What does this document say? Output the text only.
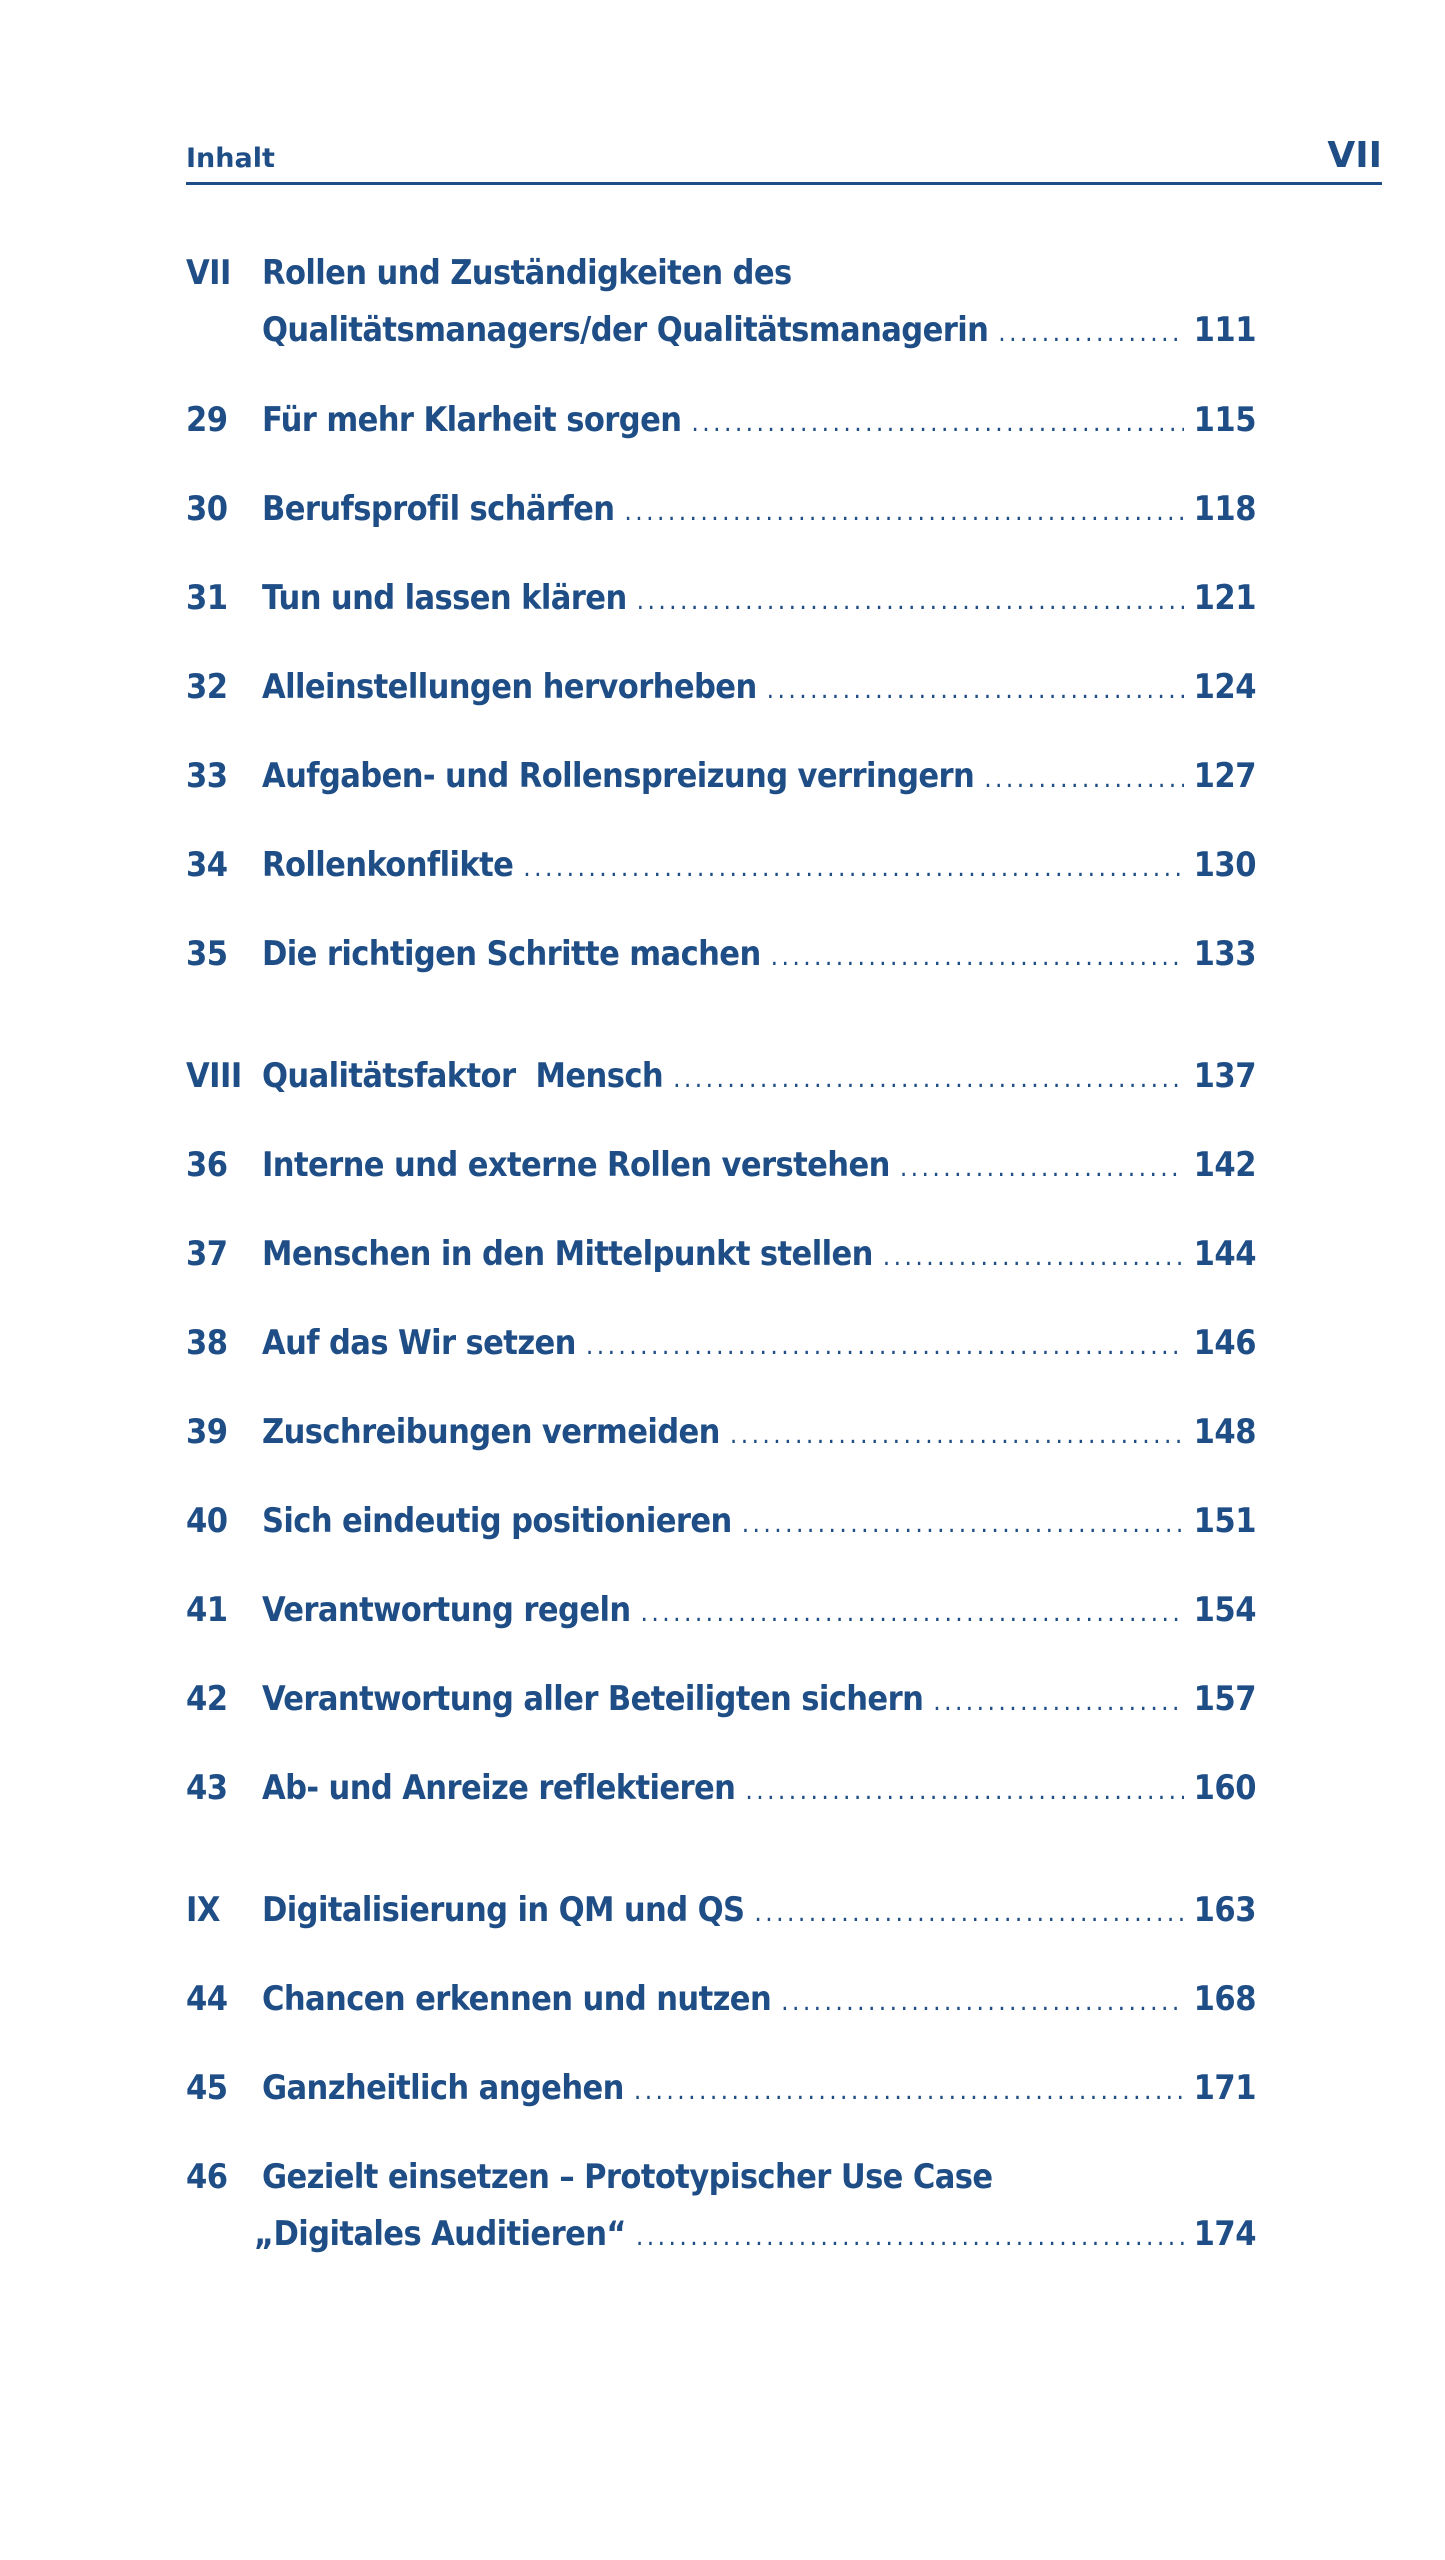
Inhalt	VII
VII Rollen und Zuständigkeiten des
Qualitätsmanagers/der Qualitätsmanagerin . . .	111
29 Für mehr Klarheit sorgen . . .	115
30 Berufsprofil schärfen . . .	118
31 Tun und lassen klären . . .	121
32 Alleinstellungen hervorheben . . .	124
33 Aufgaben- und Rollenspreizung verringern . . .	127
34 Rollenkonflikte . . .	130
35 Die richtigen Schritte machen . . .	133
VIII Qualitätsfaktor  Mensch . . .	137
36 Interne und externe Rollen verstehen . . .	142
37 Menschen in den Mittelpunkt stellen . . .	144
38 Auf das Wir setzen . . .	146
39 Zuschreibungen vermeiden . . .	148
40 Sich eindeutig positionieren . . .	151
41 Verantwortung regeln . . .	154
42 Verantwortung aller Beteiligten sichern . . .	157
43 Ab- und Anreize reflektieren . . .	160
IX Digitalisierung in QM und QS . . .	163
44 Chancen erkennen und nutzen . . .	168
45 Ganzheitlich angehen . . .	171
46 Gezielt einsetzen – Prototypischer Use Case
„Digitales Auditieren“ . . .	174
